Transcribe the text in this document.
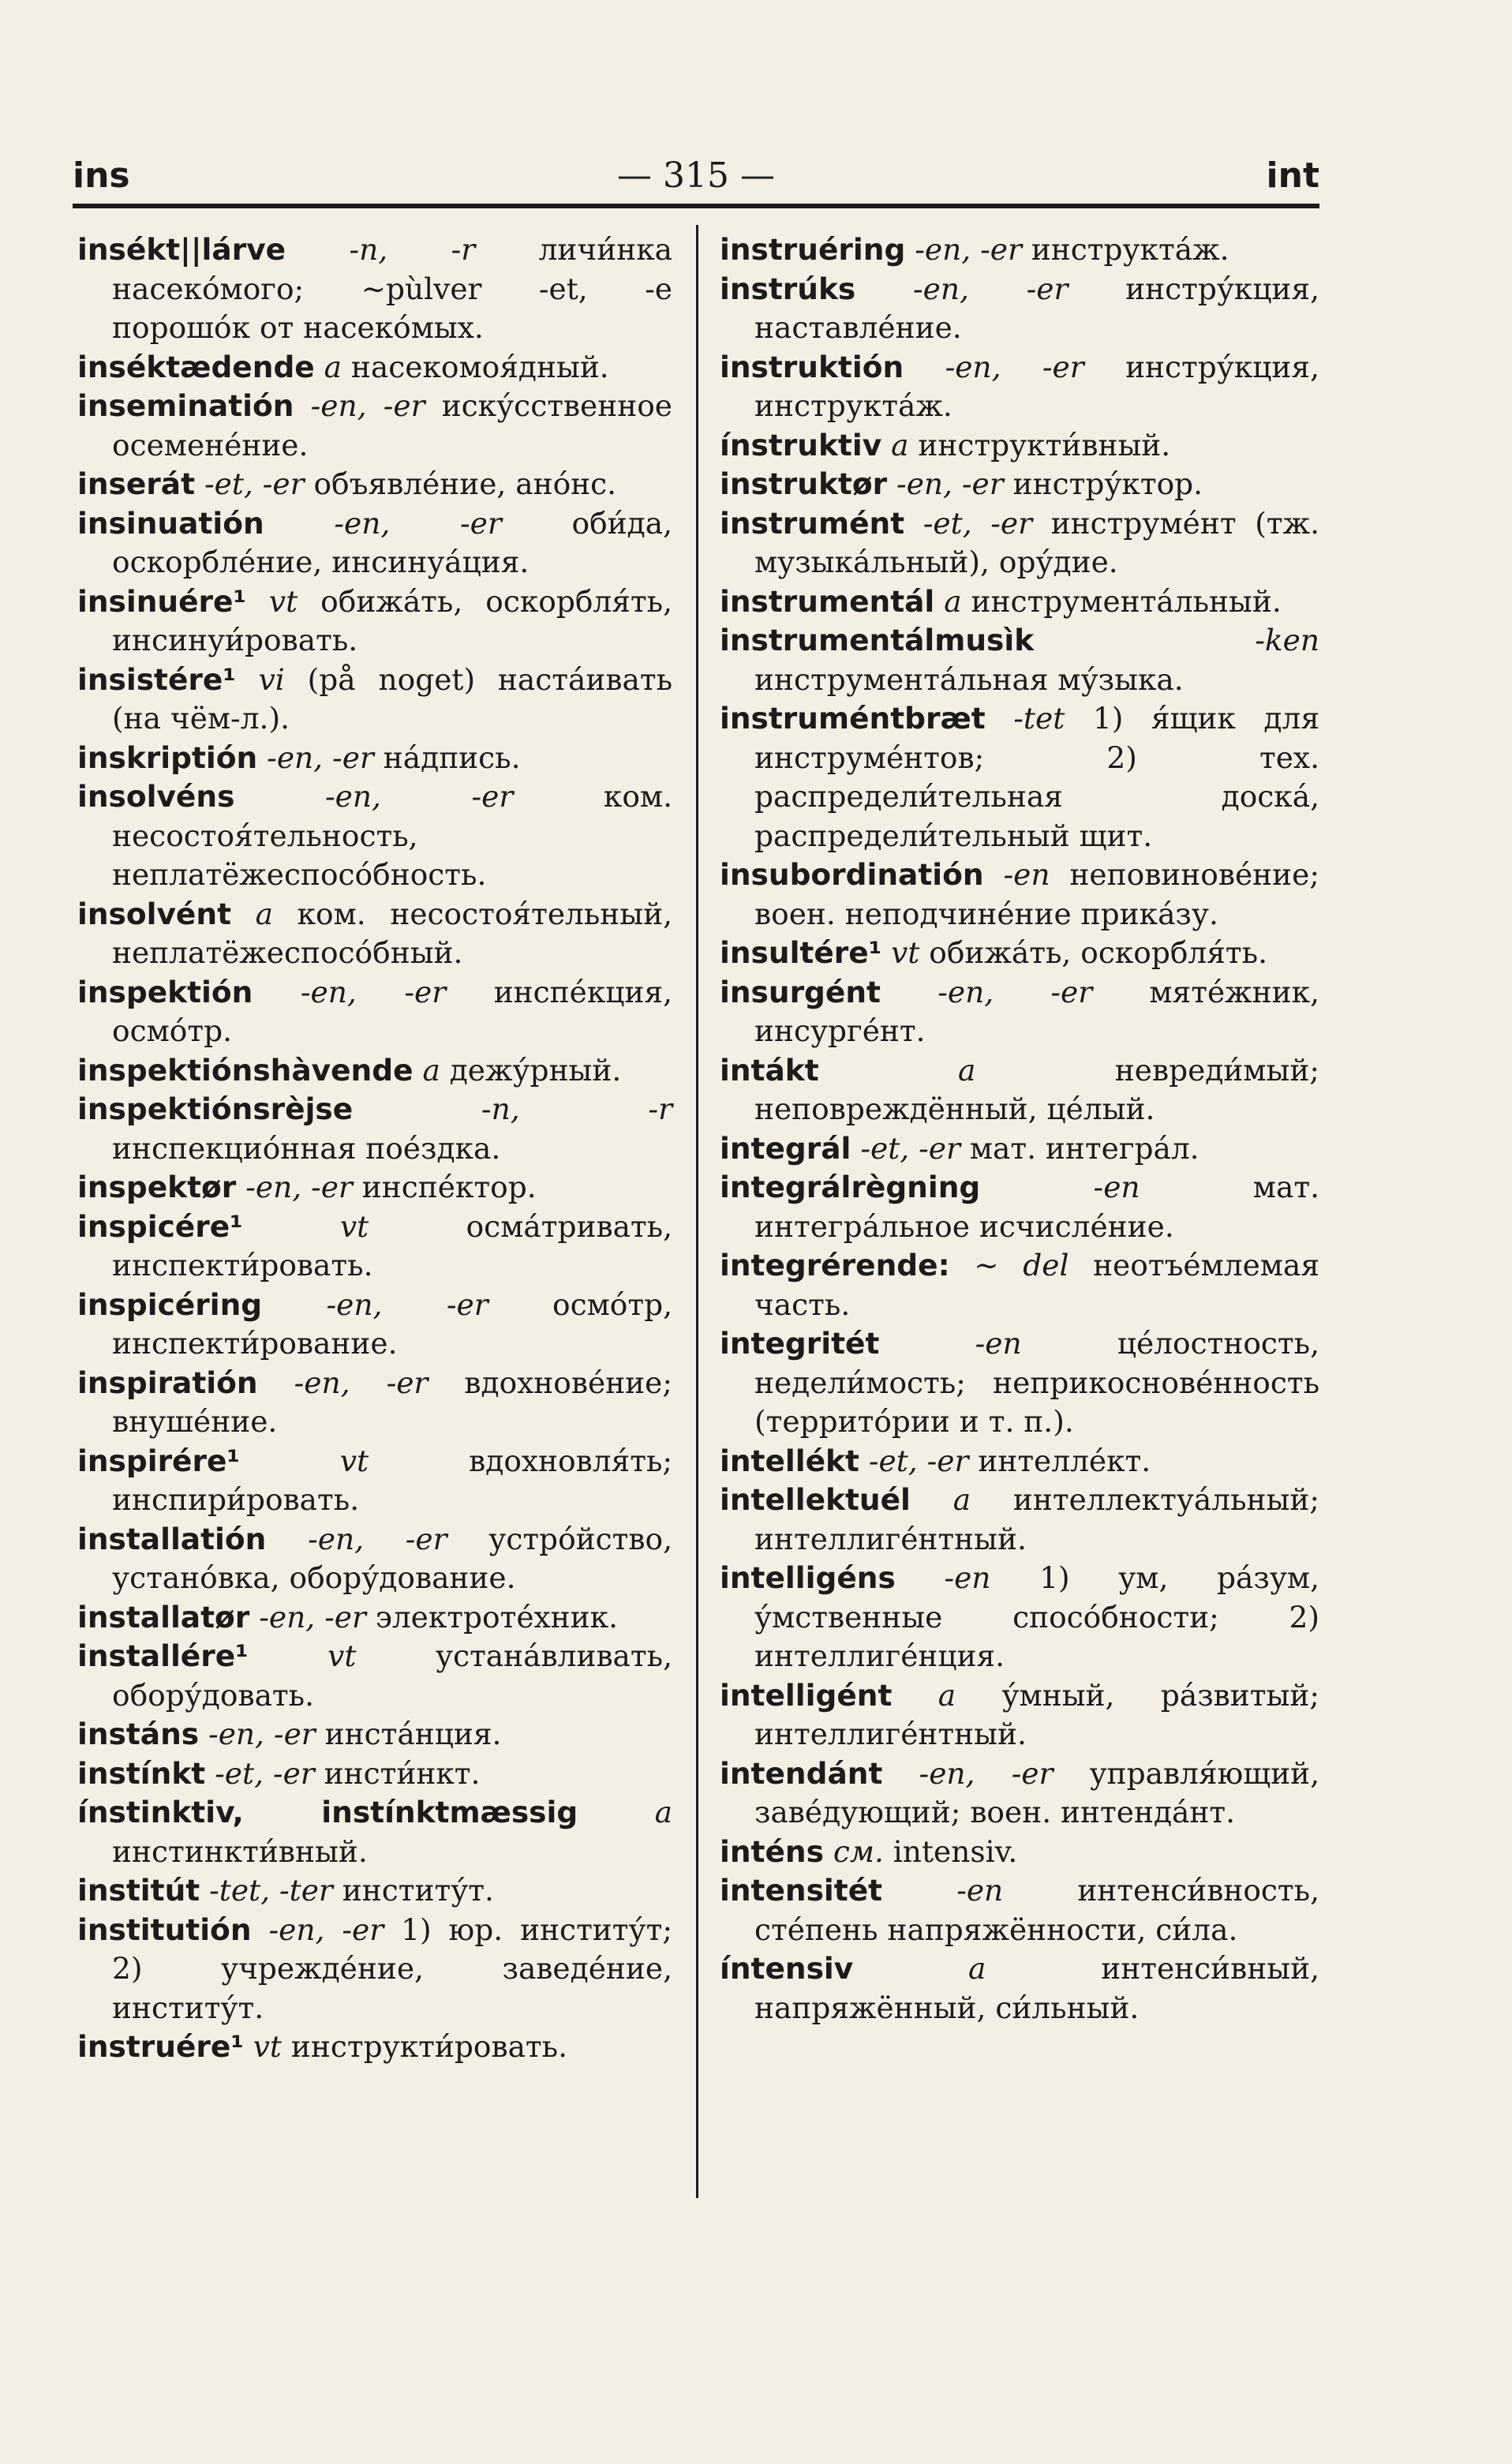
ins	— 315 —	int

insékt||lárve -n, -r личи́нка насеко́мого; ~pùlver -et, -e порошо́к от насеко́мых.

inséktædende a насекомоя́дный.

inseminatión -en, -er иску́сственное осемене́ние.

inserát -et, -er объявле́ние, ано́нс.

insinuatión -en, -er оби́да, оскорбле́ние, инсинуа́ция.

insinuére¹ vt обижа́ть, оскорбля́ть, инсинуи́ровать.

insistére¹ vi (på noget) наста́ивать (на чём-л.).

inskriptión -en, -er на́дпись.

insolvéns	-en, -er	ком. несостоя́тельность, неплатёжеспосо́бность.

insolvént a ком. несостоя́тельный, неплатёжеспосо́бный.

inspektión -en, -er инспе́кция, осмо́тр.

inspektiónshàvende a дежу́рный.

inspektiónsrèjse	-n, -r инспекцио́нная пое́здка.

inspektør -en, -er инспе́ктор.

inspicére¹	vt	осма́тривать, инспекти́ровать.

inspicéring -en, -er осмо́тр, инспекти́рование.

inspiratión -en, -er вдохнове́ние; внуше́ние.

inspirére¹	vt	вдохновля́ть; инспири́ровать.

installatión -en, -er устро́йство, устано́вка, обору́дование.

installatør -en, -er электроте́хник.

installére¹	vt	устана́вливать, обору́довать.

instáns -en, -er инста́нция.

instínkt -et, -er инсти́нкт.

ínstinktiv, instínktmæssig	a инстинкти́вный.

institút -tet, -ter институ́т.

institutión -en, -er 1) юр. институ́т; 2) учрежде́ние, заведе́ние, институ́т.

instruére¹ vt инструкти́ровать.

instruéring -en, -er инструкта́ж.

instrúks -en, -er инстру́кция, наставле́ние.

instruktión -en, -er инстру́кция, инструкта́ж.

ínstruktiv a инструкти́вный.

instruktør -en, -er инстру́ктор.

instrumént -et, -er инструме́нт (тж. музыка́льный), ору́дие.

instrumentál a инструмента́льный.

instrumentálmusìk	-ken инструмента́льная му́зыка.

instruméntbræt -tet 1) я́щик для инструме́нтов; 2) тех. распредели́тельная доска́, распредели́тельный щит.

insubordinatión -en неповинове́ние; воен. неподчине́ние прика́зу.

insultére¹ vt обижа́ть, оскорбля́ть.

insurgént -en, -er мяте́жник, инсурге́нт.

intákt	a	невреди́мый; неповреждённый, це́лый.

integrál -et, -er мат. интегра́л.

integrálrègning	-en	мат. интегра́льное исчисле́ние.

integrérende: ~ del неотъе́млемая часть.

integritét	-en	це́лостность, недели́мость; неприкоснове́нность (террито́рии и т. п.).

intellékt -et, -er интелле́кт.

intellektuél a интеллектуа́льный; интеллиге́нтный.

intelligéns -en 1) ум, ра́зум, у́мственные спосо́бности; 2) интеллиге́нция.

intelligént a у́мный, ра́звитый; интеллиге́нтный.

intendánt -en, -er управля́ющий, заве́дующий; воен. интенда́нт.

inténs см. intensiv.

intensitét	-en	интенси́вность, сте́пень напряжённости, си́ла.

íntensiv	a	интенси́вный, напряжённый, си́льный.
